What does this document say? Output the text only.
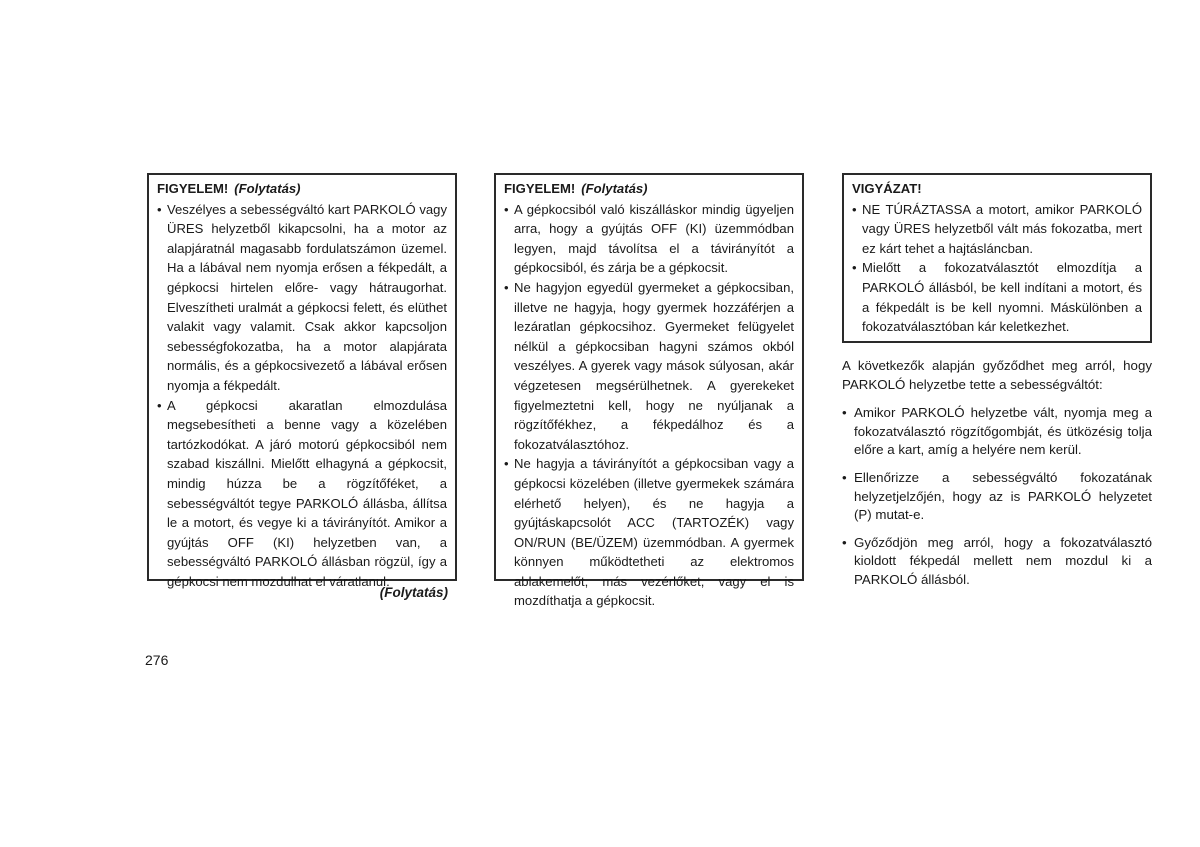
FIGYELEM! (Folytatás)
• Veszélyes a sebességváltó kart PARKOLÓ vagy ÜRES helyzetből kikapcsolni, ha a motor az alapjáratnál magasabb fordulatszámon üzemel. Ha a lábával nem nyomja erősen a fékpedált, a gépkocsi hirtelen előre- vagy hátraugorhat. Elveszítheti uralmát a gépkocsi felett, és elüthet valakit vagy valamit. Csak akkor kapcsoljon sebességfokozatba, ha a motor alapjárata normális, és a gépkocsivezető a lábával erősen nyomja a fékpedált.
• A gépkocsi akaratlan elmozdulása megsebesítheti a benne vagy a közelében tartózkodókat. A járó motorú gépkocsiból nem szabad kiszállni. Mielőtt elhagyná a gépkocsit, mindig húzza be a rögzítőféket, a sebességváltót tegye PARKOLÓ állásba, állítsa le a motort, és vegye ki a távirányítót. Amikor a gyújtás OFF (KI) helyzetben van, a sebességváltó PARKOLÓ állásban rögzül, így a gépkocsi nem mozdulhat el váratlanul.
FIGYELEM! (Folytatás)
• A gépkocsiból való kiszálláskor mindig ügyeljen arra, hogy a gyújtás OFF (KI) üzemmódban legyen, majd távolítsa el a távirányítót a gépkocsiból, és zárja be a gépkocsit.
• Ne hagyjon egyedül gyermeket a gépkocsiban, illetve ne hagyja, hogy gyermek hozzáférjen a lezáratlan gépkocsihoz. Gyermeket felügyelet nélkül a gépkocsiban hagyni számos okból veszélyes. A gyerek vagy mások súlyosan, akár végzetesen megsérülhetnek. A gyerekeket figyelmeztetni kell, hogy ne nyúljanak a rögzítőfékhez, a fékpedálhoz és a fokozatválasztóhoz.
• Ne hagyja a távirányítót a gépkocsiban vagy a gépkocsi közelében (illetve gyermekek számára elérhető helyen), és ne hagyja a gyújtáskapcsolót ACC (TARTOZÉK) vagy ON/RUN (BE/ÜZEM) üzemmódban. A gyermek könnyen működtetheti az elektromos ablakemelőt, más vezérlőket, vagy el is mozdíthatja a gépkocsit.
VIGYÁZAT!
• NE TÚRÁZTASSA a motort, amikor PARKOLÓ vagy ÜRES helyzetből vált más fokozatba, mert ez kárt tehet a hajtásláncban.
• Mielőtt a fokozatválasztót elmozdítja a PARKOLÓ állásból, be kell indítani a motort, és a fékpedált is be kell nyomni. Máskülönben a fokozatválasztóban kár keletkezhet.
(Folytatás)

A következők alapján győződhet meg arról, hogy PARKOLÓ helyzetbe tette a sebességváltót:

• Amikor PARKOLÓ helyzetbe vált, nyomja meg a fokozatválasztó rögzítőgombját, és ütközésig tolja előre a kart, amíg a helyére nem kerül.
• Ellenőrizze a sebességváltó fokozatának helyzetjelzőjén, hogy az is PARKOLÓ helyzetet (P) mutat-e.
• Győződjön meg arról, hogy a fokozatválasztó kioldott fékpedál mellett nem mozdul ki a PARKOLÓ állásból.
276
